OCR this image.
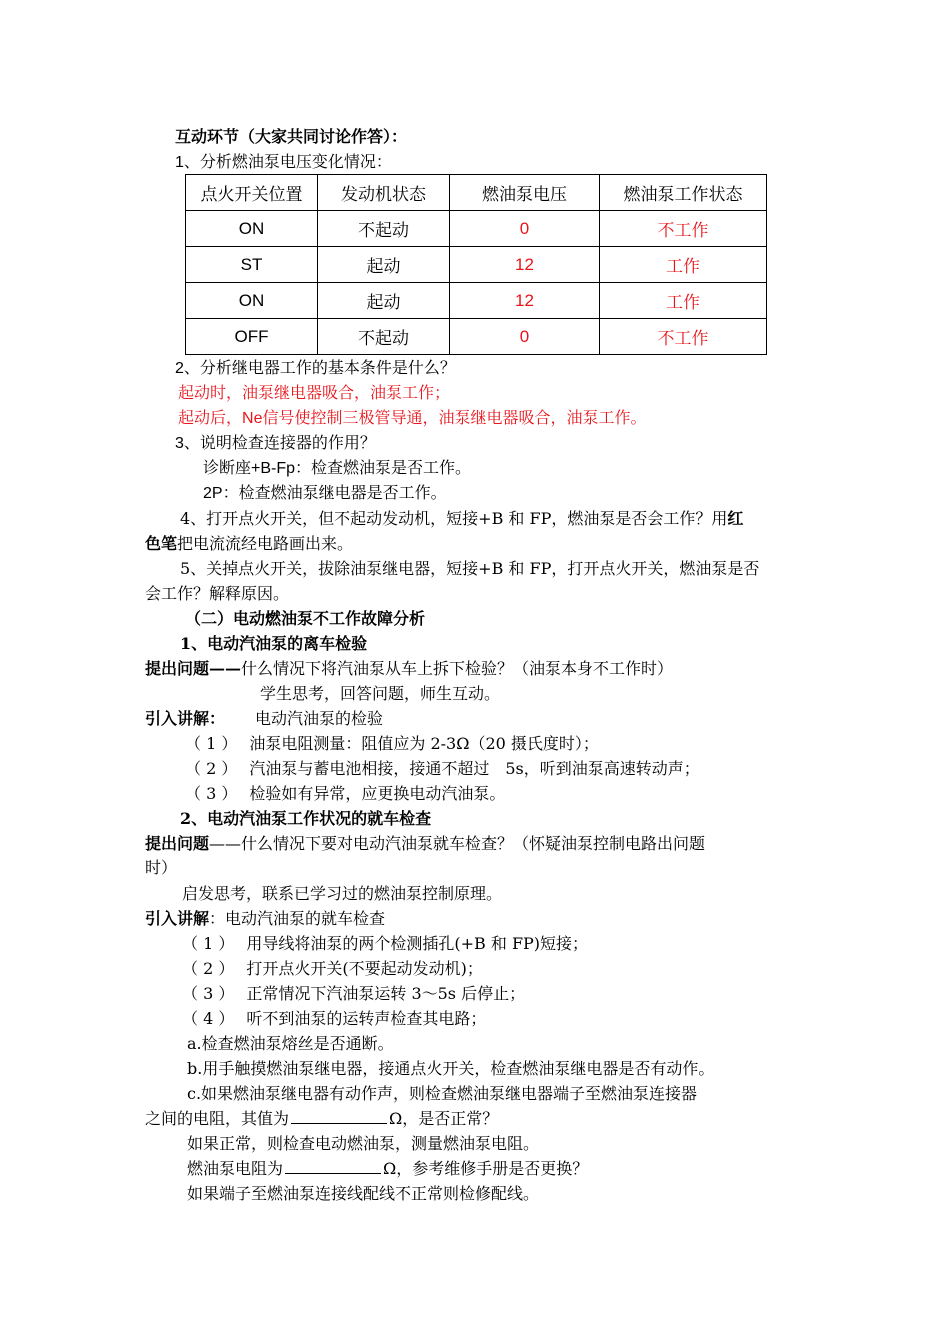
互动环节（大家共同讨论作答）：
1、分析燃油泵电压变化情况：
点火开关位置	发动机状态	燃油泵电压	燃油泵工作状态
ON	不起动	0	不工作
ST	起动	12	工作
ON	起动	12	工作
OFF	不起动	0	不工作
2、分析继电器工作的基本条件是什么？
起动时，油泵继电器吸合，油泵工作；
起动后，Ne信号使控制三极管导通，油泵继电器吸合，油泵工作。
3、说明检查连接器的作用？
诊断座+B-Fp：检查燃油泵是否工作。
2P：检查燃油泵继电器是否工作。
4、打开点火开关，但不起动发动机，短接+B 和 FP，燃油泵是否会工作？用红
色笔把电流流经电路画出来。
5、关掉点火开关，拔除油泵继电器，短接+B 和 FP，打开点火开关，燃油泵是否
会工作？解释原因。
（二）电动燃油泵不工作故障分析
1、电动汽油泵的离车检验
提出问题——什么情况下将汽油泵从车上拆下检验？（油泵本身不工作时）
学生思考，回答问题，师生互动。
引入讲解： 电动汽油泵的检验
（ 1 ） 油泵电阻测量：阻值应为 2-3Ω（20 摄氏度时）；
（ 2 ） 汽油泵与蓄电池相接，接通不超过　5s，听到油泵高速转动声；
（ 3 ） 检验如有异常，应更换电动汽油泵。
2、电动汽油泵工作状况的就车检查
提出问题——什么情况下要对电动汽油泵就车检查？（怀疑油泵控制电路出问题
时）
启发思考，联系已学习过的燃油泵控制原理。
引入讲解：电动汽油泵的就车检查
（ 1 ） 用导线将油泵的两个检测插孔(+B 和 FP)短接；
（ 2 ） 打开点火开关(不要起动发动机)；
（ 3 ） 正常情况下汽油泵运转 3～5s 后停止；
（ 4 ） 听不到油泵的运转声检查其电路；
a.检查燃油泵熔丝是否通断。
b.用手触摸燃油泵继电器，接通点火开关，检查燃油泵继电器是否有动作。
c.如果燃油泵继电器有动作声，则检查燃油泵继电器端子至燃油泵连接器
之间的电阻，其值为	Ω，是否正常？
如果正常，则检查电动燃油泵，测量燃油泵电阻。
燃油泵电阻为	Ω，参考维修手册是否更换？
如果端子至燃油泵连接线配线不正常则检修配线。
